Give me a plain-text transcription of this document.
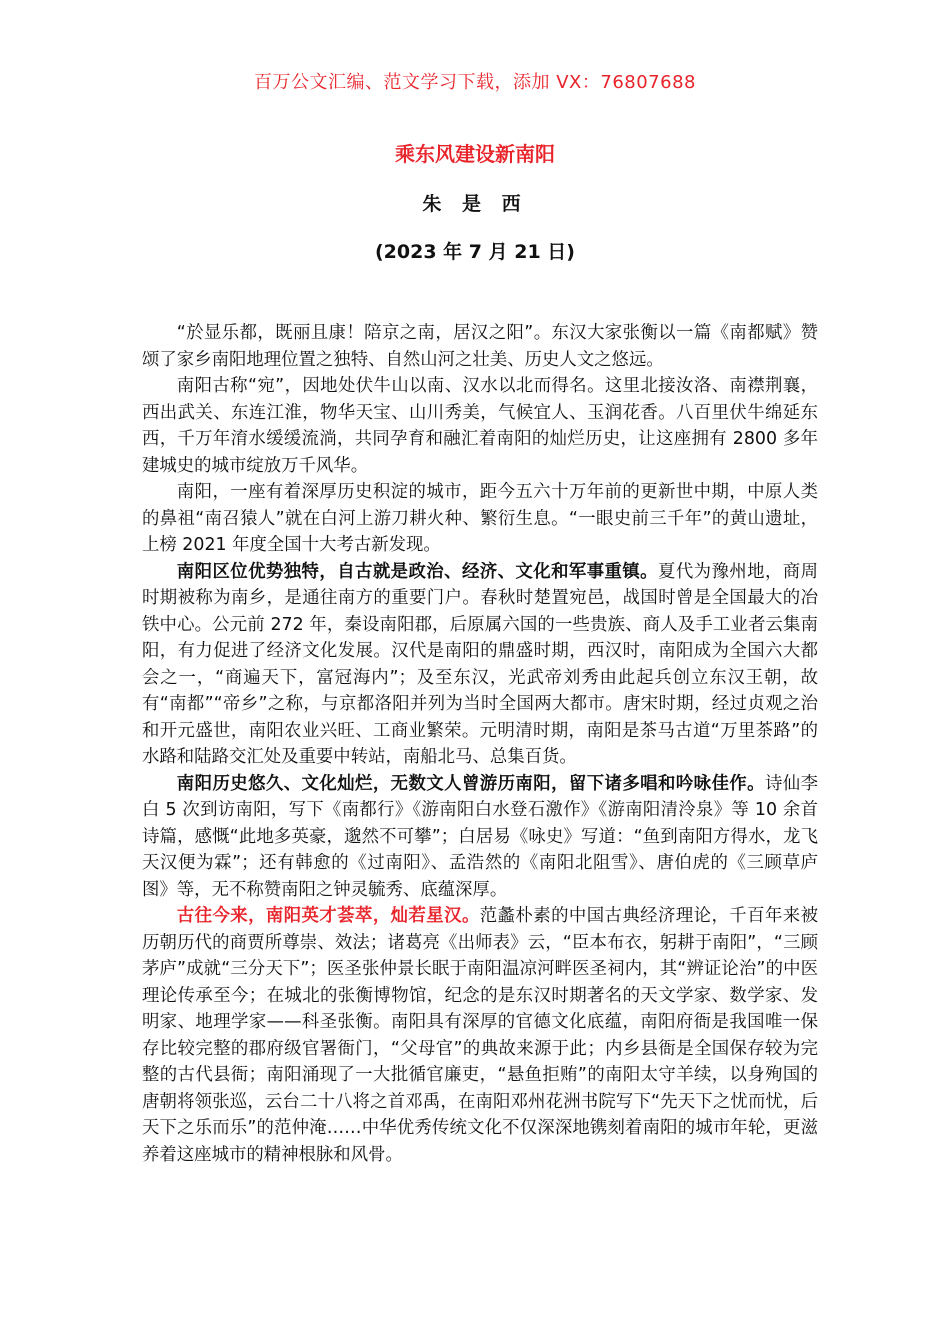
百万公文汇编、范文学习下载，添加 VX：76807688
乘东风建设新南阳
朱 是 西
(2023 年 7 月 21 日)

“於显乐都，既丽且康！陪京之南，居汉之阳”。东汉大家张衡以一篇《南都赋》赞颂了家乡南阳地理位置之独特、自然山河之壮美、历史人文之悠远。

南阳古称“宛”，因地处伏牛山以南、汉水以北而得名。这里北接汝洛、南襟荆襄，西出武关、东连江淮，物华天宝、山川秀美，气候宜人、玉润花香。八百里伏牛绵延东西，千万年淯水缓缓流淌，共同孕育和融汇着南阳的灿烂历史，让这座拥有 2800 多年建城史的城市绽放万千风华。

南阳，一座有着深厚历史积淀的城市，距今五六十万年前的更新世中期，中原人类的鼻祖“南召猿人”就在白河上游刀耕火种、繁衍生息。“一眼史前三千年”的黄山遗址，上榜 2021 年度全国十大考古新发现。

南阳区位优势独特，自古就是政治、经济、文化和军事重镇。夏代为豫州地，商周时期被称为南乡，是通往南方的重要门户。春秋时楚置宛邑，战国时曾是全国最大的冶铁中心。公元前 272 年，秦设南阳郡，后原属六国的一些贵族、商人及手工业者云集南阳，有力促进了经济文化发展。汉代是南阳的鼎盛时期，西汉时，南阳成为全国六大都会之一，“商遍天下，富冠海内”；及至东汉，光武帝刘秀由此起兵创立东汉王朝，故有“南都”“帝乡”之称，与京都洛阳并列为当时全国两大都市。唐宋时期，经过贞观之治和开元盛世，南阳农业兴旺、工商业繁荣。元明清时期，南阳是茶马古道“万里茶路”的水路和陆路交汇处及重要中转站，南船北马、总集百货。

南阳历史悠久、文化灿烂，无数文人曾游历南阳，留下诸多唱和吟咏佳作。诗仙李白 5 次到访南阳，写下《南都行》《游南阳白水登石激作》《游南阳清泠泉》等 10 余首诗篇，感慨“此地多英豪，邈然不可攀”；白居易《咏史》写道：“鱼到南阳方得水，龙飞天汉便为霖”；还有韩愈的《过南阳》、孟浩然的《南阳北阻雪》、唐伯虎的《三顾草庐图》等，无不称赞南阳之钟灵毓秀、底蕴深厚。

古往今来，南阳英才荟萃，灿若星汉。范蠡朴素的中国古典经济理论，千百年来被历朝历代的商贾所尊崇、效法；诸葛亮《出师表》云，“臣本布衣，躬耕于南阳”，“三顾茅庐”成就“三分天下”；医圣张仲景长眠于南阳温凉河畔医圣祠内，其“辨证论治”的中医理论传承至今；在城北的张衡博物馆，纪念的是东汉时期著名的天文学家、数学家、发明家、地理学家——科圣张衡。南阳具有深厚的官德文化底蕴，南阳府衙是我国唯一保存比较完整的郡府级官署衙门，“父母官”的典故来源于此；内乡县衙是全国保存较为完整的古代县衙；南阳涌现了一大批循官廉吏，“悬鱼拒贿”的南阳太守羊续，以身殉国的唐朝将领张巡，云台二十八将之首邓禹，在南阳邓州花洲书院写下“先天下之忧而忧，后天下之乐而乐”的范仲淹……中华优秀传统文化不仅深深地镌刻着南阳的城市年轮，更滋养着这座城市的精神根脉和风骨。
